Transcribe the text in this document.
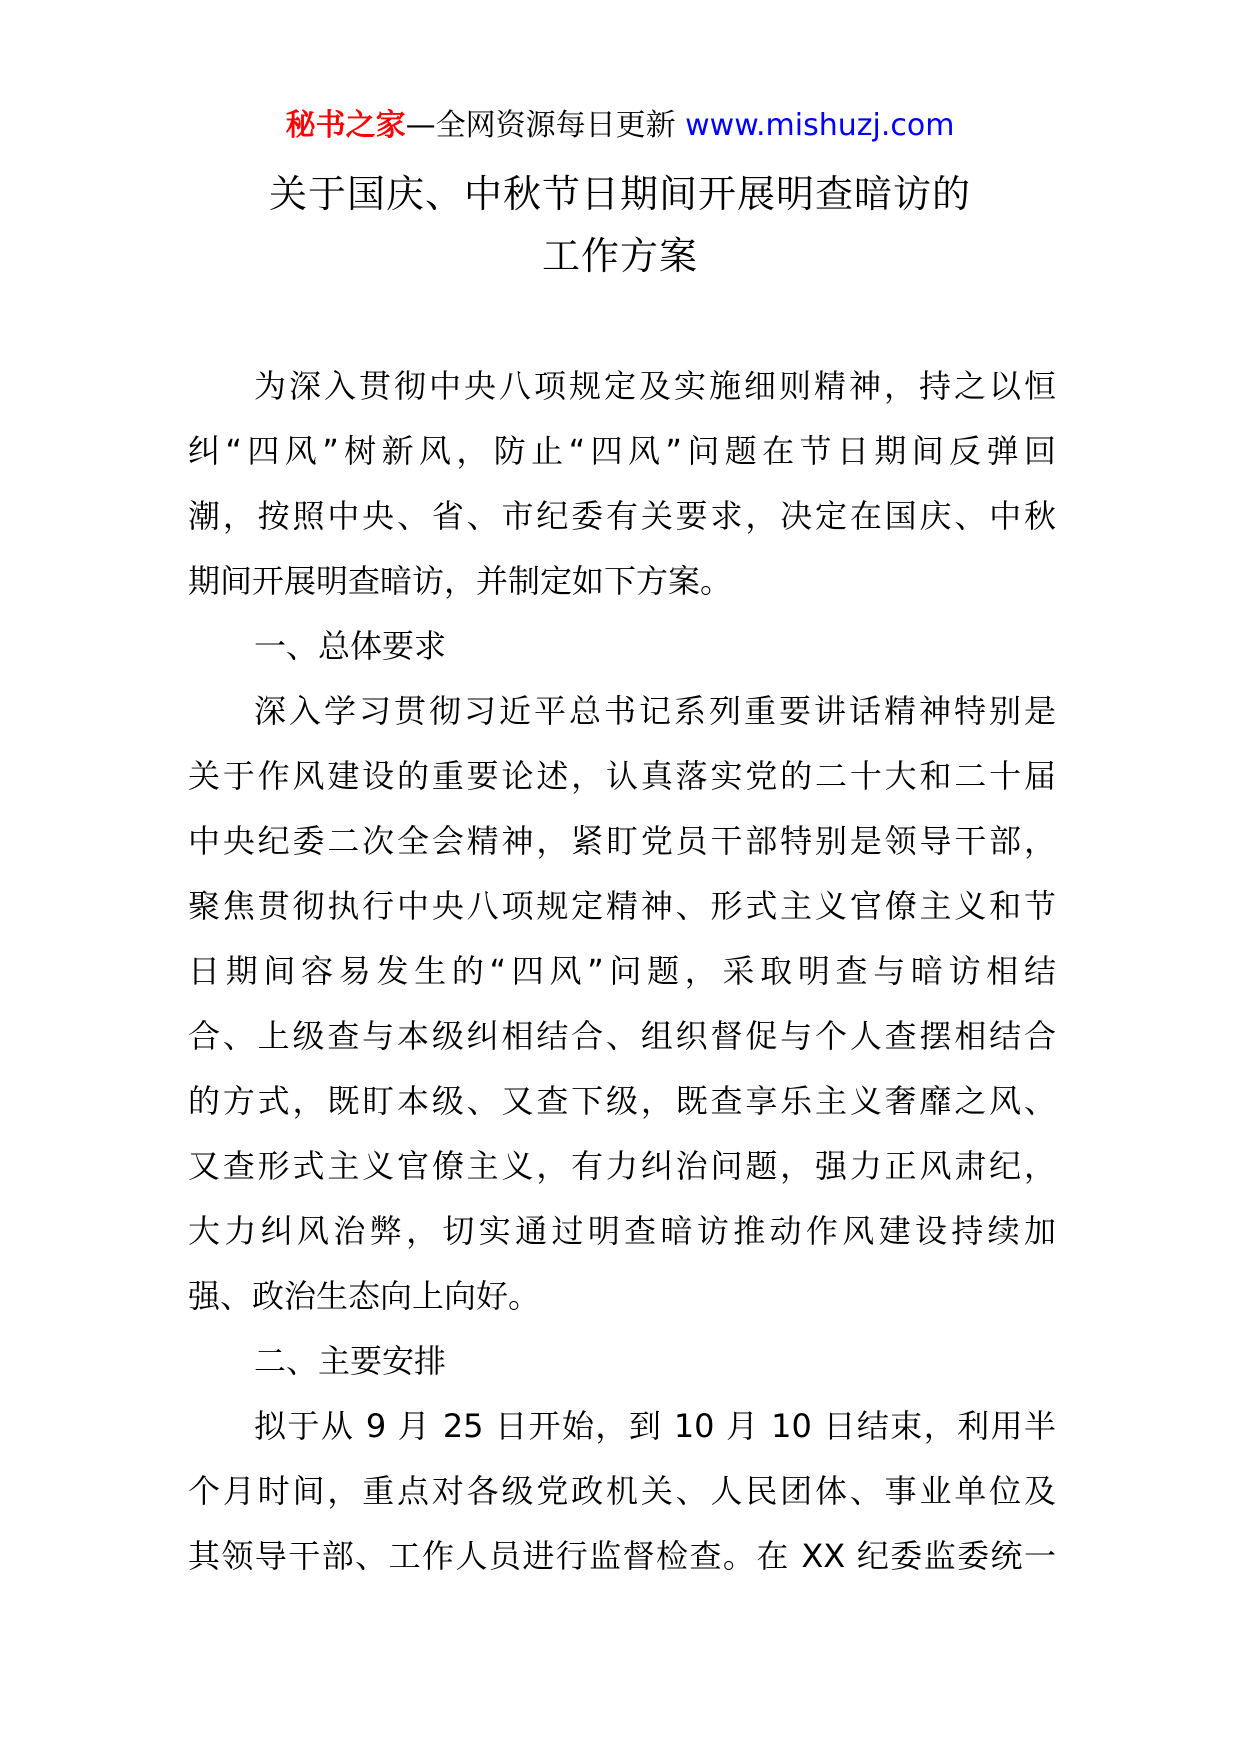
秘书之家—全网资源每日更新 www.mishuzj.com
关于国庆、中秋节日期间开展明查暗访的
工作方案
为深入贯彻中央八项规定及实施细则精神，持之以恒
纠“四风”树新风，防止“四风”问题在节日期间反弹回
潮，按照中央、省、市纪委有关要求，决定在国庆、中秋
期间开展明查暗访，并制定如下方案。
一、总体要求
深入学习贯彻习近平总书记系列重要讲话精神特别是
关于作风建设的重要论述，认真落实党的二十大和二十届
中央纪委二次全会精神，紧盯党员干部特别是领导干部，
聚焦贯彻执行中央八项规定精神、形式主义官僚主义和节
日期间容易发生的“四风”问题，采取明查与暗访相结
合、上级查与本级纠相结合、组织督促与个人查摆相结合
的方式，既盯本级、又查下级，既查享乐主义奢靡之风、
又查形式主义官僚主义，有力纠治问题，强力正风肃纪，
大力纠风治弊，切实通过明查暗访推动作风建设持续加
强、政治生态向上向好。
二、主要安排
拟于从 9 月 25 日开始，到 10 月 10 日结束，利用半
个月时间，重点对各级党政机关、人民团体、事业单位及
其领导干部、工作人员进行监督检查。在 XX 纪委监委统一
